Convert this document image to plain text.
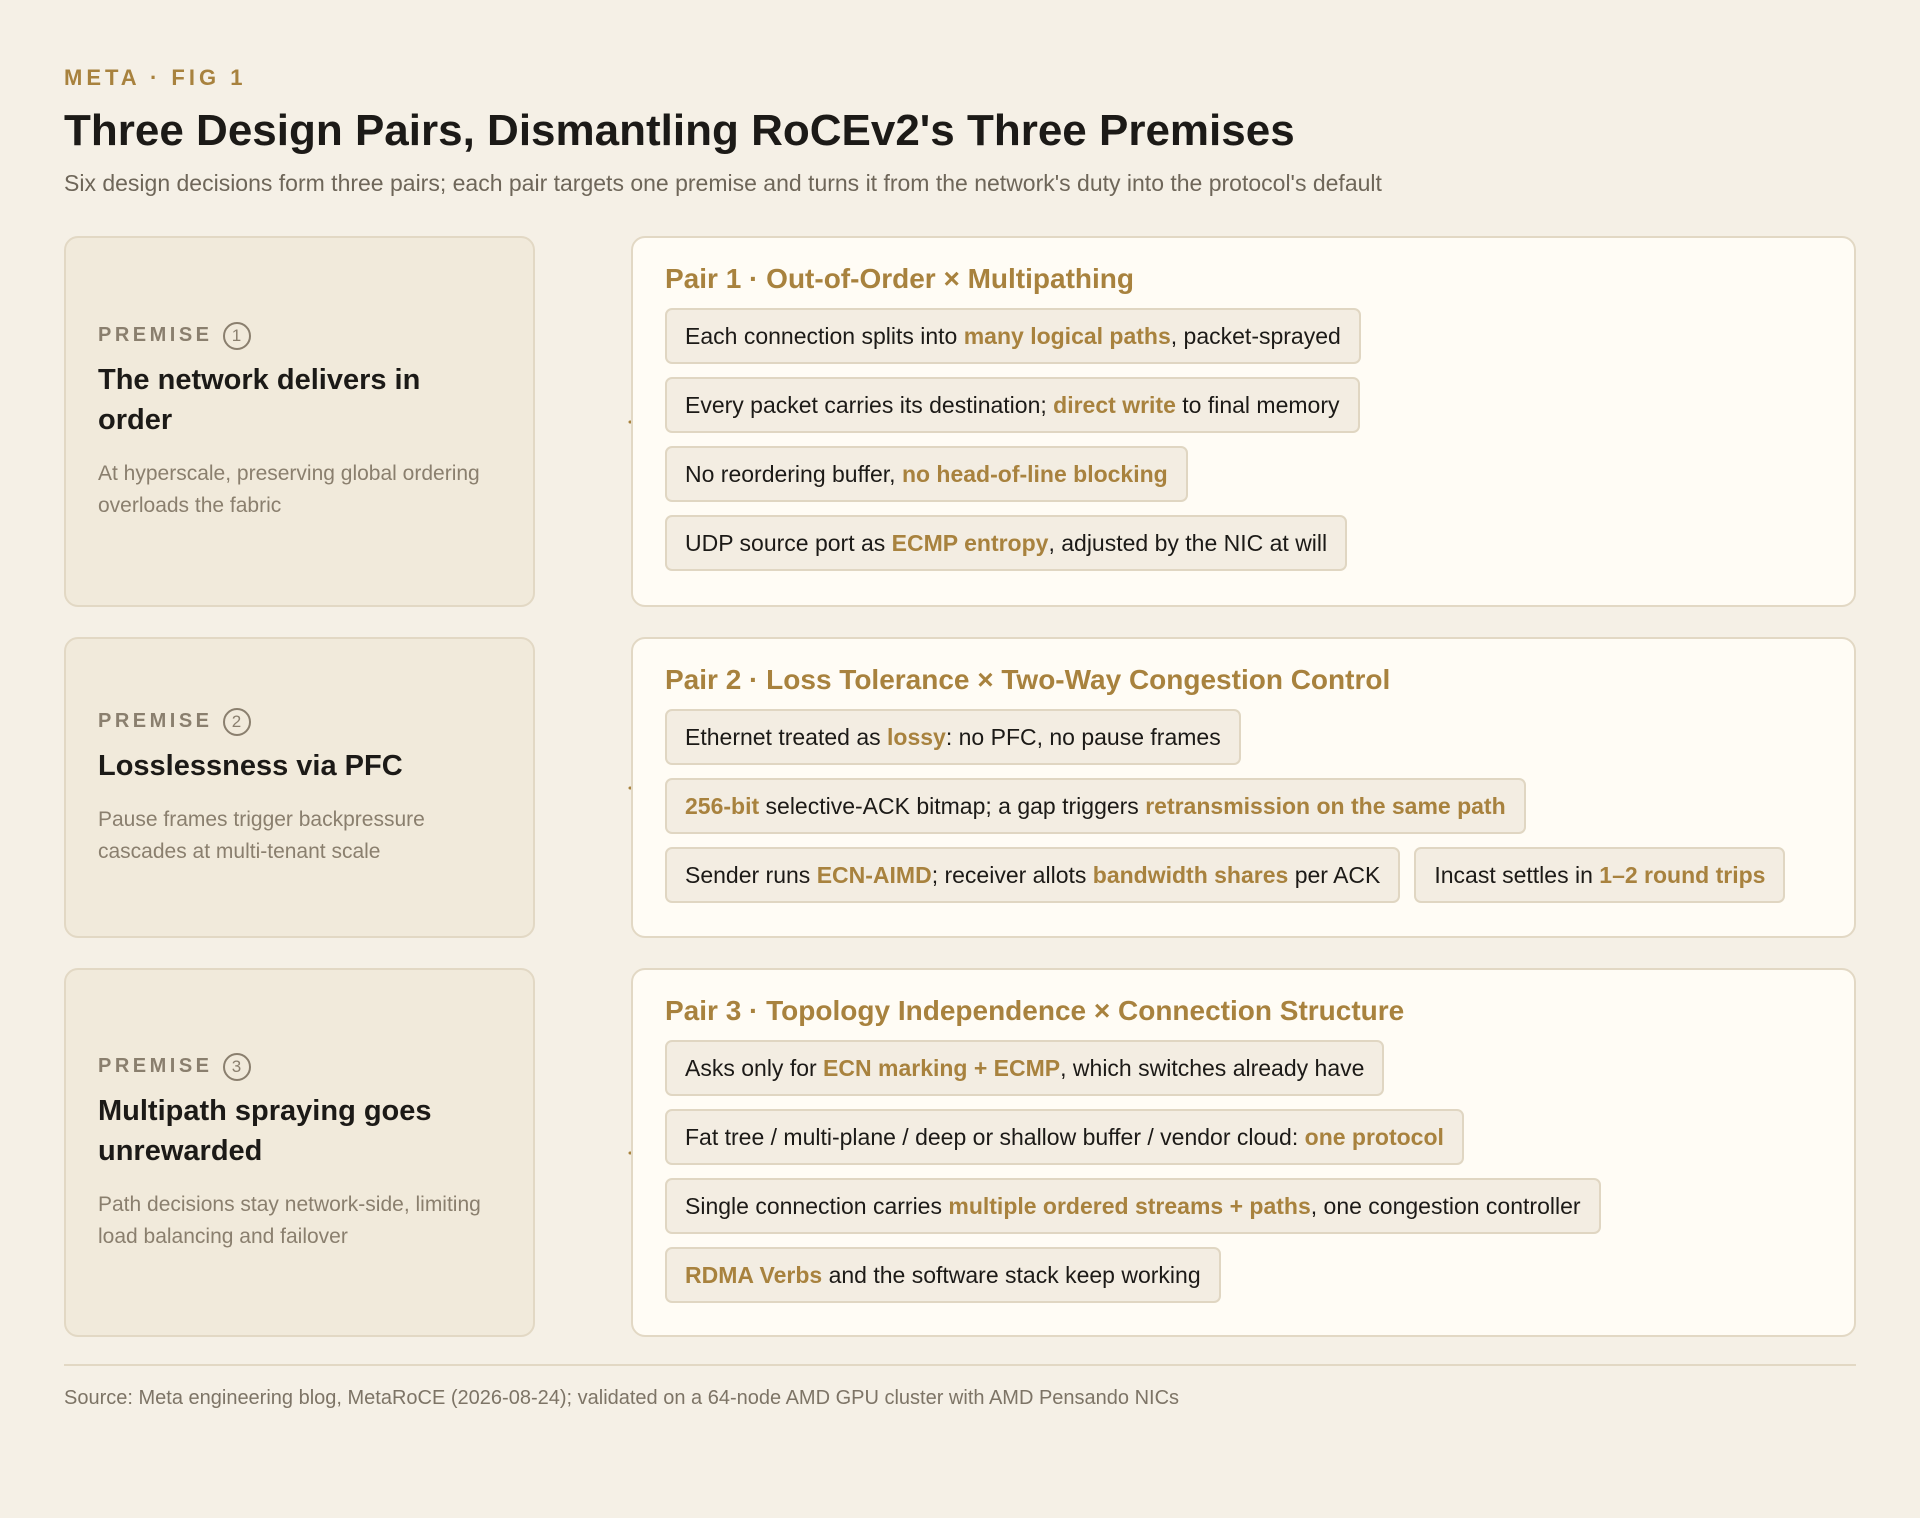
META · FIG 1
Three Design Pairs, Dismantling RoCEv2's Three Premises

Six design decisions form three pairs; each pair targets one premise and turns it from the network's duty into the protocol's default

PREMISE	1
The network delivers in order
At hyperscale, preserving global ordering overloads the fabric
Pair 1 · Out-of-Order × Multipathing
Each connection splits into many logical paths, packet-sprayed
Every packet carries its destination; direct write to final memory
No reordering buffer, no head-of-line blocking
UDP source port as ECMP entropy, adjusted by the NIC at will
PREMISE	2
Losslessness via PFC
Pause frames trigger backpressure cascades at multi-tenant scale
Pair 2 · Loss Tolerance × Two-Way Congestion Control
Ethernet treated as lossy: no PFC, no pause frames
256-bit selective-ACK bitmap; a gap triggers retransmission on the same path
Sender runs ECN-AIMD; receiver allots bandwidth shares per ACK	Incast settles in 1–2 round trips
PREMISE	3
Multipath spraying goes unrewarded
Path decisions stay network-side, limiting load balancing and failover
Pair 3 · Topology Independence × Connection Structure
Asks only for ECN marking + ECMP, which switches already have
Fat tree / multi-plane / deep or shallow buffer / vendor cloud: one protocol
Single connection carries multiple ordered streams + paths, one congestion controller
RDMA Verbs and the software stack keep working
Source: Meta engineering blog, MetaRoCE (2026-08-24); validated on a 64-node AMD GPU cluster with AMD Pensando NICs
